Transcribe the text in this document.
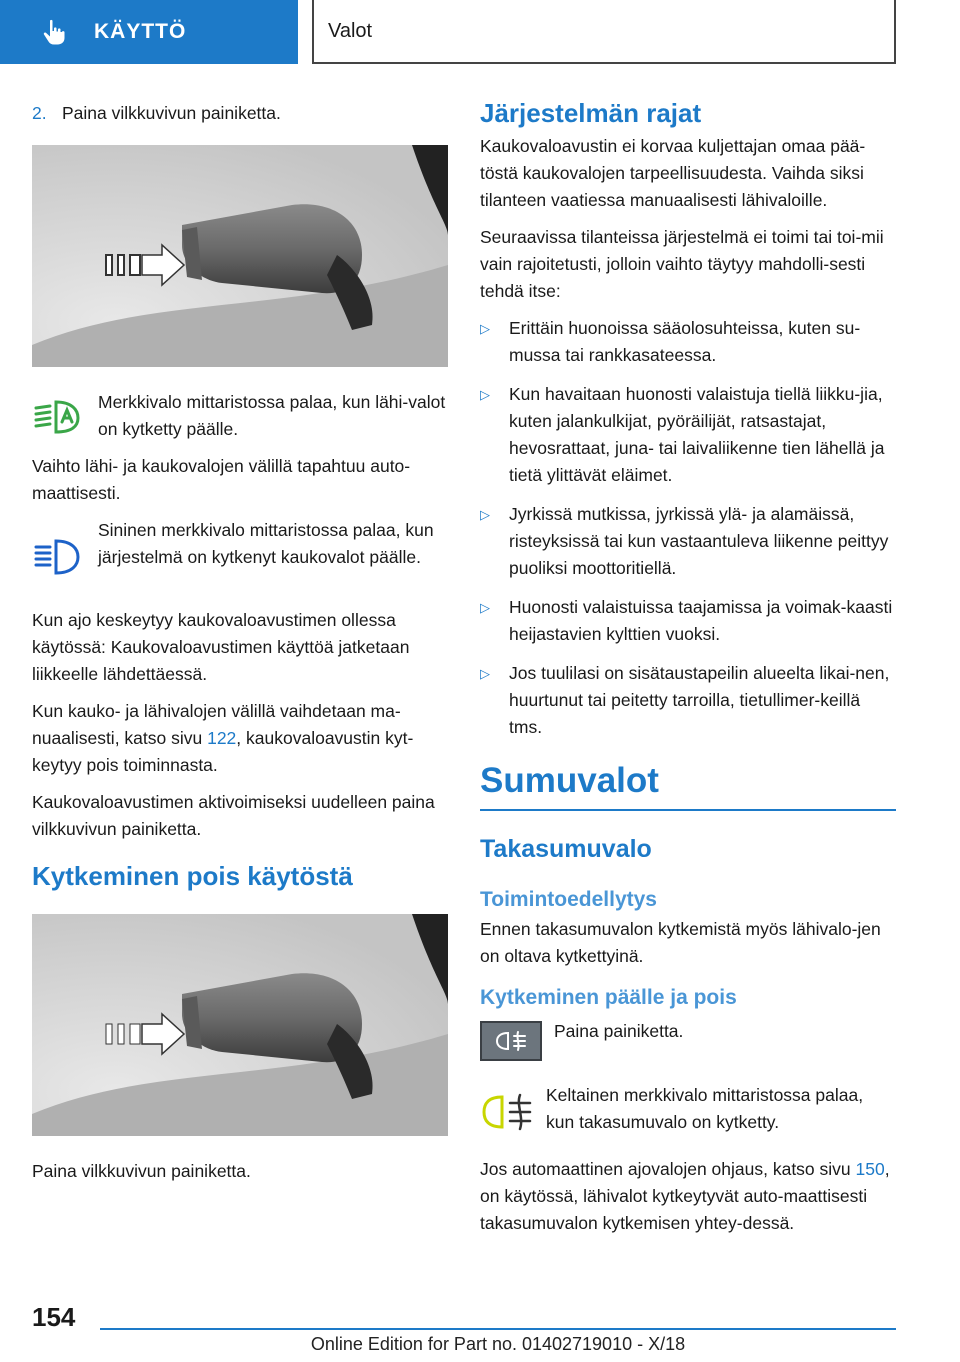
KÄYTTÖ	Valot
2. Paina vilkkuvivun painiketta.

Merkkivalo mittaristossa palaa, kun lähi-valot on kytketty päälle.

Vaihto lähi- ja kaukovalojen välillä tapahtuu auto-maattisesti.

Sininen merkkivalo mittaristossa palaa, kun järjestelmä on kytkenyt kaukovalot päälle.

Kun ajo keskeytyy kaukovaloavustimen ollessa käytössä: Kaukovaloavustimen käyttöä jatketaan liikkeelle lähdettäessä.

Kun kauko- ja lähivalojen välillä vaihdetaan ma-nuaalisesti, katso sivu 122, kaukovaloavustin kyt-keytyy pois toiminnasta.

Kaukovaloavustimen aktivoimiseksi uudelleen paina vilkkuvivun painiketta.

Kytkeminen pois käytöstä

Paina vilkkuvivun painiketta.

Järjestelmän rajat

Kaukovaloavustin ei korvaa kuljettajan omaa pää-töstä kaukovalojen tarpeellisuudesta. Vaihda siksi tilanteen vaatiessa manuaalisesti lähivaloille.

Seuraavissa tilanteissa järjestelmä ei toimi tai toi-mii vain rajoitetusti, jolloin vaihto täytyy mahdolli-sesti tehdä itse:

▷ Erittäin huonoissa sääolosuhteissa, kuten su-mussa tai rankkasateessa.
▷ Kun havaitaan huonosti valaistuja tiellä liikku-jia, kuten jalankulkijat, pyöräilijät, ratsastajat, hevosrattaat, juna- tai laivaliikenne tien lähellä ja tietä ylittävät eläimet.
▷ Jyrkissä mutkissa, jyrkissä ylä- ja alamäissä, risteyksissä tai kun vastaantuleva liikenne peittyy puoliksi moottoritiellä.
▷ Huonosti valaistuissa taajamissa ja voimak-kaasti heijastavien kylttien vuoksi.
▷ Jos tuulilasi on sisätaustapeilin alueelta likai-nen, huurtunut tai peitetty tarroilla, tietullimer-keillä tms.
Sumuvalot
Takasumuvalo
Toimintoedellytys

Ennen takasumuvalon kytkemistä myös lähivalo-jen on oltava kytkettyinä.

Kytkeminen päälle ja pois

Paina painiketta.

Keltainen merkkivalo mittaristossa palaa, kun takasumuvalo on kytketty.

Jos automaattinen ajovalojen ohjaus, katso sivu 150, on käytössä, lähivalot kytkeytyvät auto-maattisesti takasumuvalon kytkemisen yhtey-dessä.

154
Online Edition for Part no. 01402719010 - X/18
